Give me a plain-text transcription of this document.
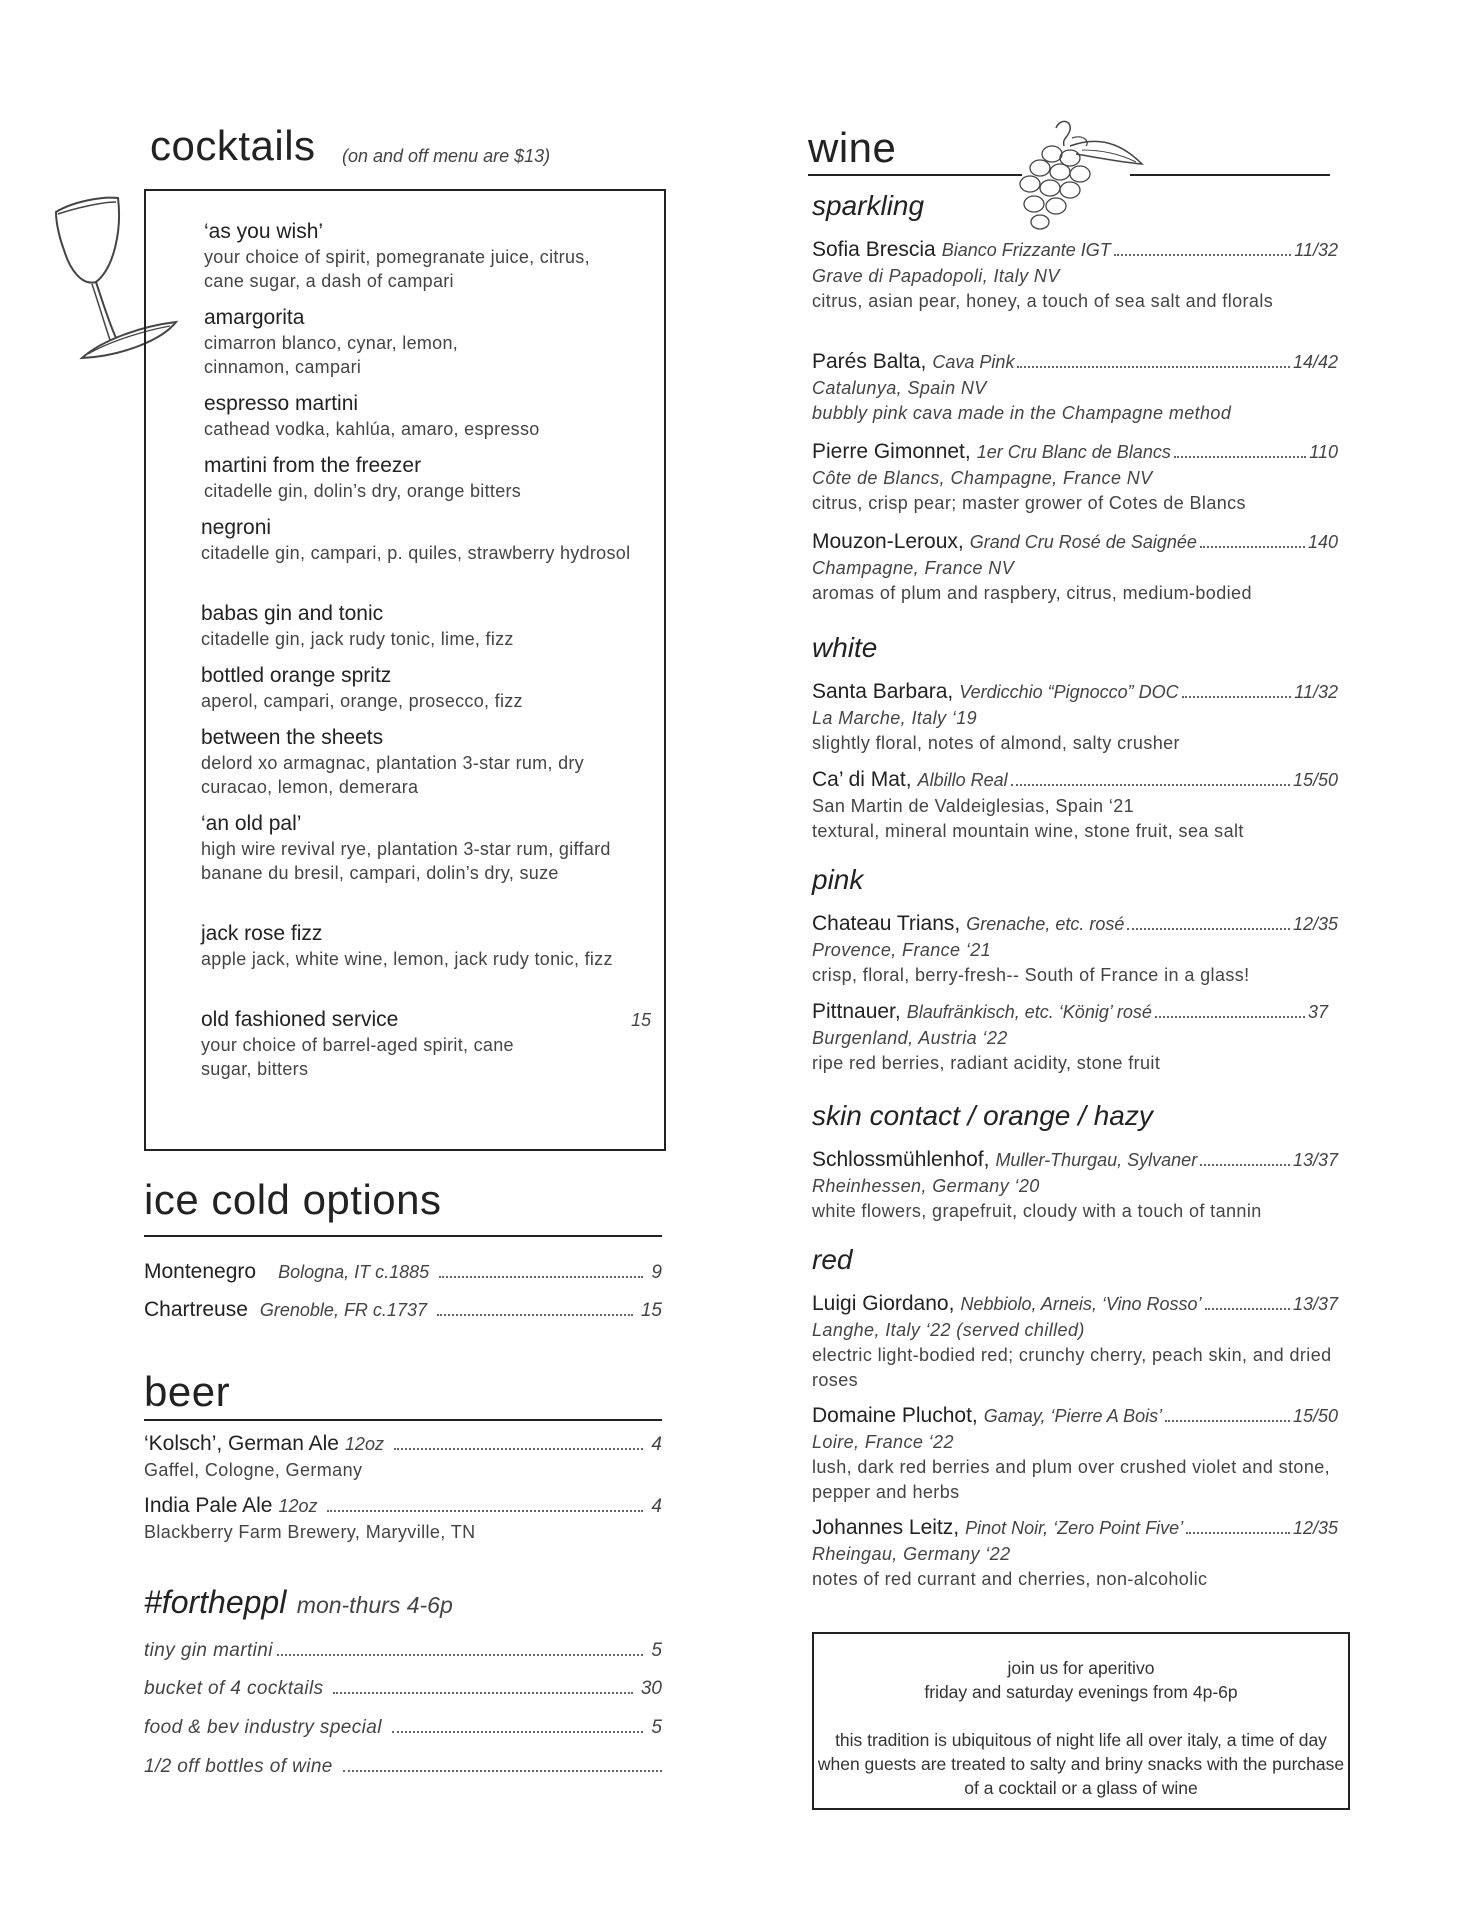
cocktails (on and off menu are $13)
‘as you wish’
your choice of spirit, pomegranate juice, citrus, cane sugar, a dash of campari
amargorita
cimarron blanco, cynar, lemon, cinnamon, campari
espresso martini
cathead vodka, kahlúa, amaro, espresso
martini from the freezer
citadelle gin, dolin’s dry, orange bitters
negroni
citadelle gin, campari, p. quiles, strawberry hydrosol
babas gin and tonic
citadelle gin, jack rudy tonic, lime, fizz
bottled orange spritz
aperol, campari, orange, prosecco, fizz
between the sheets
delord xo armagnac, plantation 3-star rum, dry curacao, lemon, demerara
‘an old pal’
high wire revival rye, plantation 3-star rum, giffard banane du bresil, campari, dolin’s dry, suze
jack rose fizz
apple jack, white wine, lemon, jack rudy tonic, fizz
old fashioned service	15
your choice of barrel-aged spirit, cane sugar, bitters
ice cold options
Montenegro Bologna, IT c.1885	9
Chartreuse Grenoble, FR c.1737	15
beer
‘Kolsch’, German Ale 12oz	4
Gaffel, Cologne, Germany
India Pale Ale 12oz	4
Blackberry Farm Brewery, Maryville, TN
#fortheppl mon-thurs 4-6p
tiny gin martini	5
bucket of 4 cocktails	30
food & bev industry special	5
1/2 off bottles of wine
wine
sparkling
Sofia Brescia Bianco Frizzante IGT	11/32
Grave di Papadopoli, Italy NV
citrus, asian pear, honey, a touch of sea salt and florals
Parés Balta, Cava Pink	14/42
Catalunya, Spain NV
bubbly pink cava made in the Champagne method
Pierre Gimonnet, 1er Cru Blanc de Blancs	110
Côte de Blancs, Champagne, France NV
citrus, crisp pear; master grower of Cotes de Blancs
Mouzon-Leroux, Grand Cru Rosé de Saignée	140
Champagne, France NV
aromas of plum and raspbery, citrus, medium-bodied
white
Santa Barbara, Verdicchio “Pignocco” DOC	11/32
La Marche, Italy ‘19
slightly floral, notes of almond, salty crusher
Ca’ di Mat, Albillo Real	15/50
San Martin de Valdeiglesias, Spain ‘21
textural, mineral mountain wine, stone fruit, sea salt
pink
Chateau Trians, Grenache, etc. rosé	12/35
Provence, France ‘21
crisp, floral, berry-fresh-- South of France in a glass!
Pittnauer, Blaufränkisch, etc. ‘König’ rosé	37
Burgenland, Austria ‘22
ripe red berries, radiant acidity, stone fruit
skin contact / orange / hazy
Schlossmühlenhof, Muller-Thurgau, Sylvaner	13/37
Rheinhessen, Germany ‘20
white flowers, grapefruit, cloudy with a touch of tannin
red
Luigi Giordano, Nebbiolo, Arneis, ‘Vino Rosso’	13/37
Langhe, Italy ‘22 (served chilled)
electric light-bodied red; crunchy cherry, peach skin, and dried roses
Domaine Pluchot, Gamay, ‘Pierre A Bois’	15/50
Loire, France ‘22
lush, dark red berries and plum over crushed violet and stone, pepper and herbs
Johannes Leitz, Pinot Noir, ‘Zero Point Five’	12/35
Rheingau, Germany ‘22
notes of red currant and cherries, non-alcoholic
join us for aperitivo
friday and saturday evenings from 4p-6p
this tradition is ubiquitous of night life all over italy, a time of day when guests are treated to salty and briny snacks with the purchase of a cocktail or a glass of wine
